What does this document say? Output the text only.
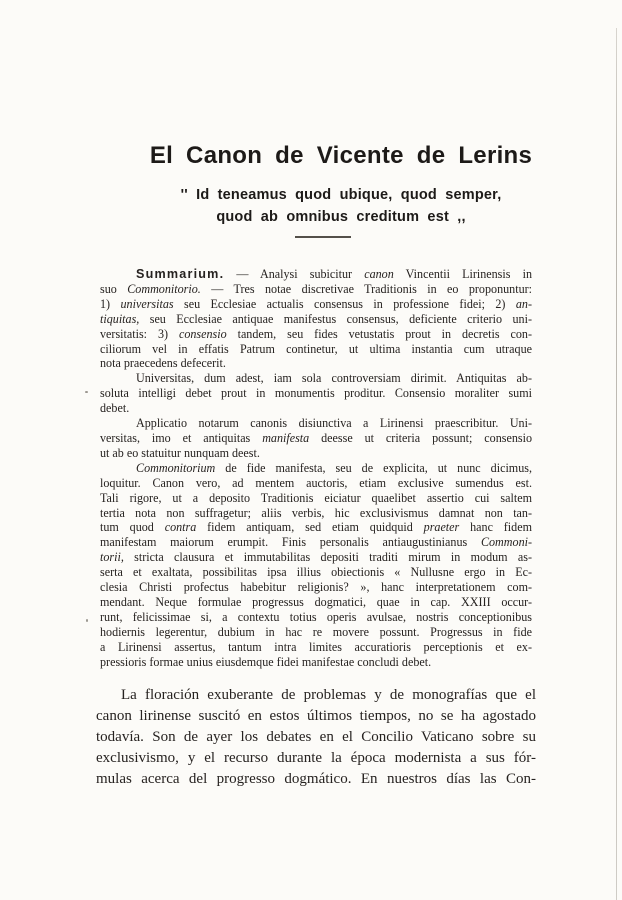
El Canon de Vicente de Lerins
'' Id teneamus quod ubique, quod semper,
quod ab omnibus creditum est ,,
Summarium. — Analysi subicitur canon Vincentii Lirinensis in
suo Commonitorio. — Tres notae discretivae Traditionis in eo proponuntur:
1) universitas seu Ecclesiae actualis consensus in professione fidei; 2) an-
tiquitas, seu Ecclesiae antiquae manifestus consensus, deficiente criterio uni-
versitatis: 3) consensio tandem, seu fides vetustatis prout in decretis con-
ciliorum vel in effatis Patrum continetur, ut ultima instantia cum utraque
nota praecedens defecerit.
Universitas, dum adest, iam sola controversiam dirimit. Antiquitas ab-
soluta intelligi debet prout in monumentis proditur. Consensio moraliter sumi
debet.
Applicatio notarum canonis disiunctiva a Lirinensi praescribitur. Uni-
versitas, imo et antiquitas manifesta deesse ut criteria possunt; consensio
ut ab eo statuitur nunquam deest.
Commonitorium de fide manifesta, seu de explicita, ut nunc dicimus,
loquitur. Canon vero, ad mentem auctoris, etiam exclusive sumendus est.
Tali rigore, ut a deposito Traditionis eiciatur quaelibet assertio cui saltem
tertia nota non suffragetur; aliis verbis, hic exclusivismus damnat non tan-
tum quod contra fidem antiquam, sed etiam quidquid praeter hanc fidem
manifestam maiorum erumpit. Finis personalis antiaugustinianus Commoni-
torii, stricta clausura et immutabilitas depositi traditi mirum in modum as-
serta et exaltata, possibilitas ipsa illius obiectionis « Nullusne ergo in Ec-
clesia Christi profectus habebitur religionis? », hanc interpretationem com-
mendant. Neque formulae progressus dogmatici, quae in cap. XXIII occur-
runt, felicissimae si, a contextu totius operis avulsae, nostris conceptionibus
hodiernis legerentur, dubium in hac re movere possunt. Progressus in fide
a Lirinensi assertus, tantum intra limites accuratioris perceptionis et ex-
pressioris formae unius eiusdemque fidei manifestae concludi debet.
La floración exuberante de problemas y de monografías que el
canon lirinense suscitó en estos últimos tiempos, no se ha agostado
todavía. Son de ayer los debates en el Concilio Vaticano sobre su
exclusivismo, y el recurso durante la época modernista a sus fór-
mulas acerca del progresso dogmático. En nuestros días las Con-
